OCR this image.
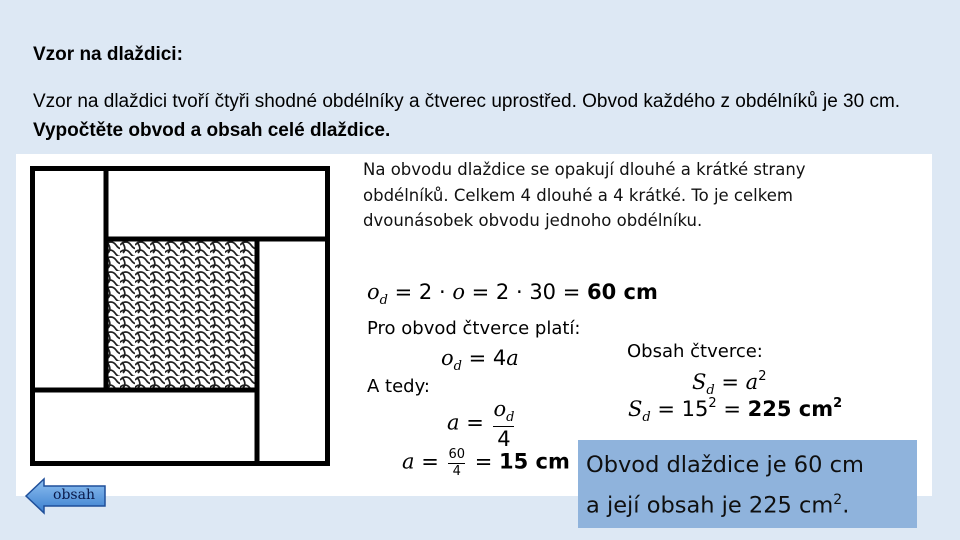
Vzor na dlaždici:

Vzor na dlaždici tvoří čtyři shodné obdélníky a čtverec uprostřed. Obvod každého z obdélníků je 30 cm. Vypočtěte obvod a obsah celé dlaždice.

Na obvodu dlaždice se opakují dlouhé a krátké strany obdélníků. Celkem 4 dlouhé a 4 krátké. To je celkem dvounásobek obvodu jednoho obdélníku.
$o_d = 2 \cdot o = 2 \cdot 30 = 60$ cm
Pro obvod čtverce platí:
$o_d = 4a$
A tedy:
$a = \frac{o_d}{4}$
$a = \frac{60}{4} = 15$ cm
Obsah čtverce:
$S_d = a^2$
$S_d = 15^2 = 225$ $cm^2$
obsah
Obvod dlaždice je 60 cm
a její obsah je 225 $cm^2$.
